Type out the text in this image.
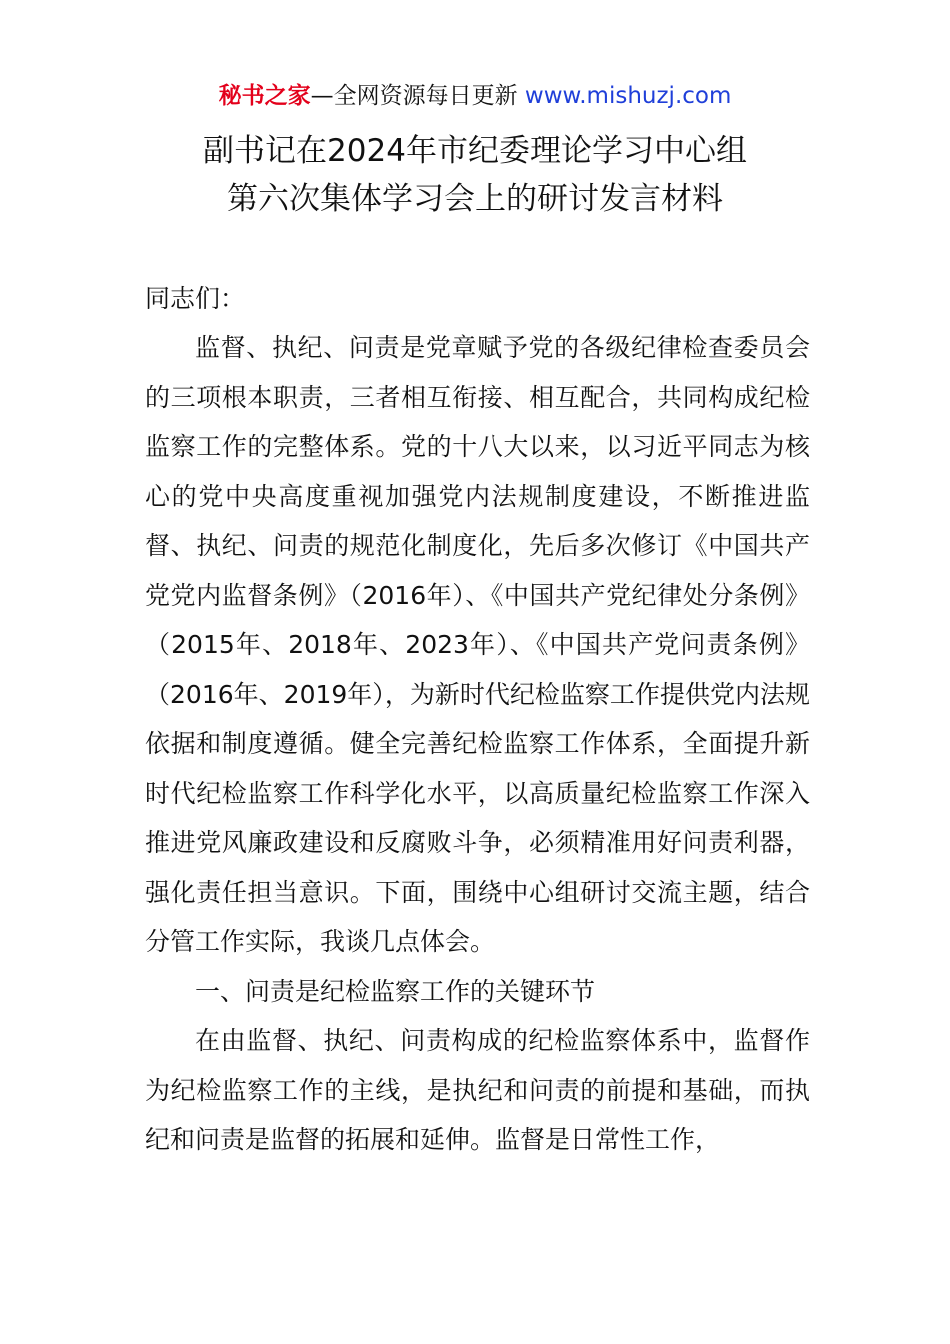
秘书之家—全网资源每日更新 www.mishuzj.com
副书记在2024年市纪委理论学习中心组
第六次集体学习会上的研讨发言材料
同志们：

监督、执纪、问责是党章赋予党的各级纪律检查委员会的三项根本职责，三者相互衔接、相互配合，共同构成纪检监察工作的完整体系。党的十八大以来，以习近平同志为核心的党中央高度重视加强党内法规制度建设，不断推进监督、执纪、问责的规范化制度化，先后多次修订《中国共产党党内监督条例》（2016年）、《中国共产党纪律处分条例》（2015年、2018年、2023年）、《中国共产党问责条例》（2016年、2019年），为新时代纪检监察工作提供党内法规依据和制度遵循。健全完善纪检监察工作体系，全面提升新时代纪检监察工作科学化水平，以高质量纪检监察工作深入推进党风廉政建设和反腐败斗争，必须精准用好问责利器，强化责任担当意识。下面，围绕中心组研讨交流主题，结合分管工作实际，我谈几点体会。

一、问责是纪检监察工作的关键环节

在由监督、执纪、问责构成的纪检监察体系中，监督作为纪检监察工作的主线，是执纪和问责的前提和基础，而执纪和问责是监督的拓展和延伸。监督是日常性工作，
